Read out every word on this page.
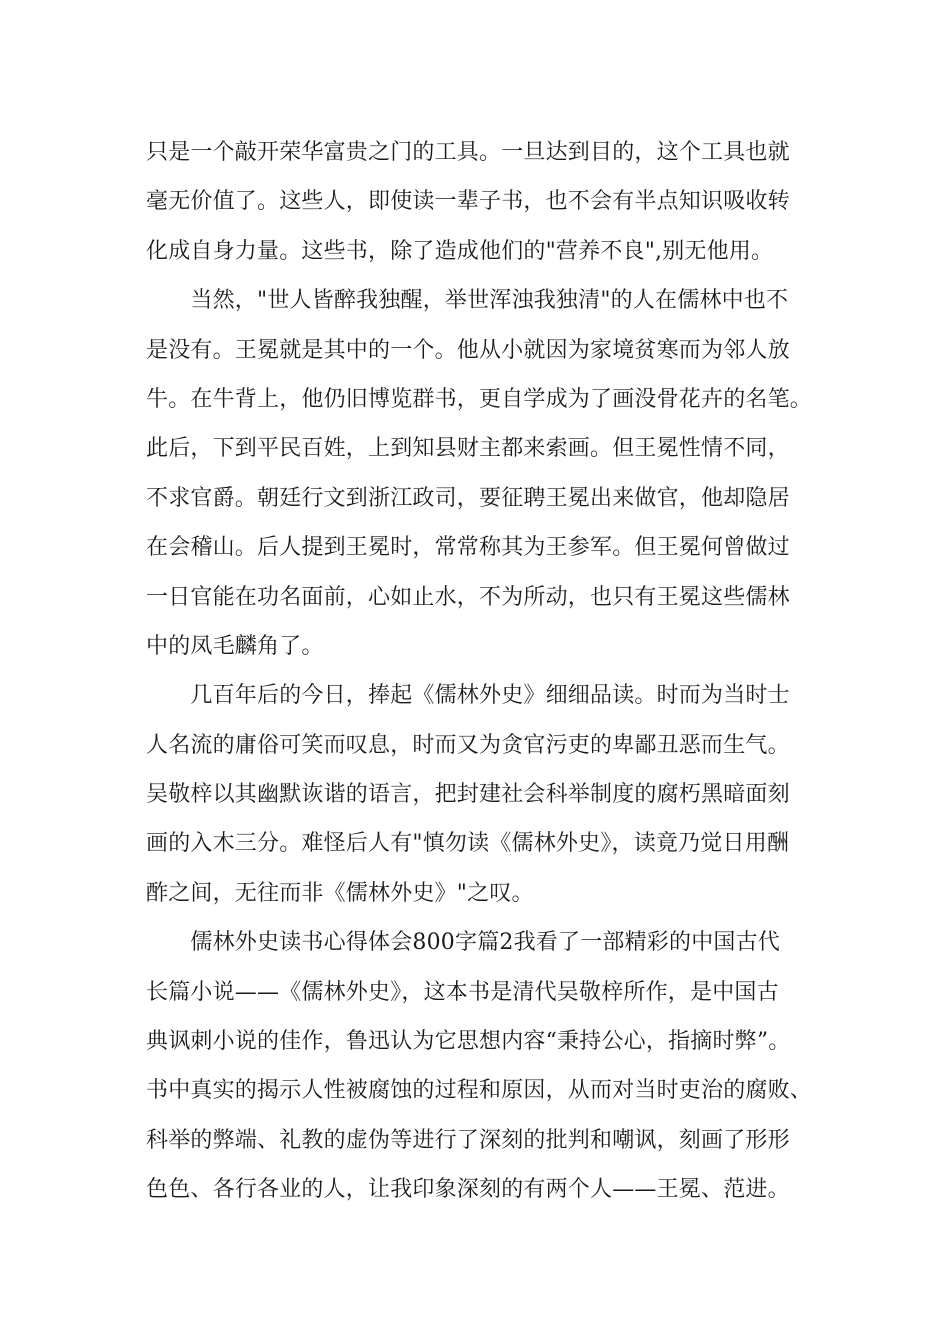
只是一个敲开荣华富贵之门的工具。一旦达到目的，这个工具也就
毫无价值了。这些人，即使读一辈子书，也不会有半点知识吸收转
化成自身力量。这些书，除了造成他们的"营养不良",别无他用。
　　当然，"世人皆醉我独醒，举世浑浊我独清"的人在儒林中也不
是没有。王冕就是其中的一个。他从小就因为家境贫寒而为邻人放
牛。在牛背上，他仍旧博览群书，更自学成为了画没骨花卉的名笔。
此后，下到平民百姓，上到知县财主都来索画。但王冕性情不同，
不求官爵。朝廷行文到浙江政司，要征聘王冕出来做官，他却隐居
在会稽山。后人提到王冕时，常常称其为王参军。但王冕何曾做过
一日官能在功名面前，心如止水，不为所动，也只有王冕这些儒林
中的凤毛麟角了。
　　几百年后的今日，捧起《儒林外史》细细品读。时而为当时士
人名流的庸俗可笑而叹息，时而又为贪官污吏的卑鄙丑恶而生气。
吴敬梓以其幽默诙谐的语言，把封建社会科举制度的腐朽黑暗面刻
画的入木三分。难怪后人有"慎勿读《儒林外史》，读竟乃觉日用酬
酢之间，无往而非《儒林外史》"之叹。
　　儒林外史读书心得体会800字篇2我看了一部精彩的中国古代
长篇小说——《儒林外史》，这本书是清代吴敬梓所作，是中国古
典讽刺小说的佳作，鲁迅认为它思想内容“秉持公心，指摘时弊”。
书中真实的揭示人性被腐蚀的过程和原因，从而对当时吏治的腐败、
科举的弊端、礼教的虚伪等进行了深刻的批判和嘲讽，刻画了形形
色色、各行各业的人，让我印象深刻的有两个人——王冕、范进。
